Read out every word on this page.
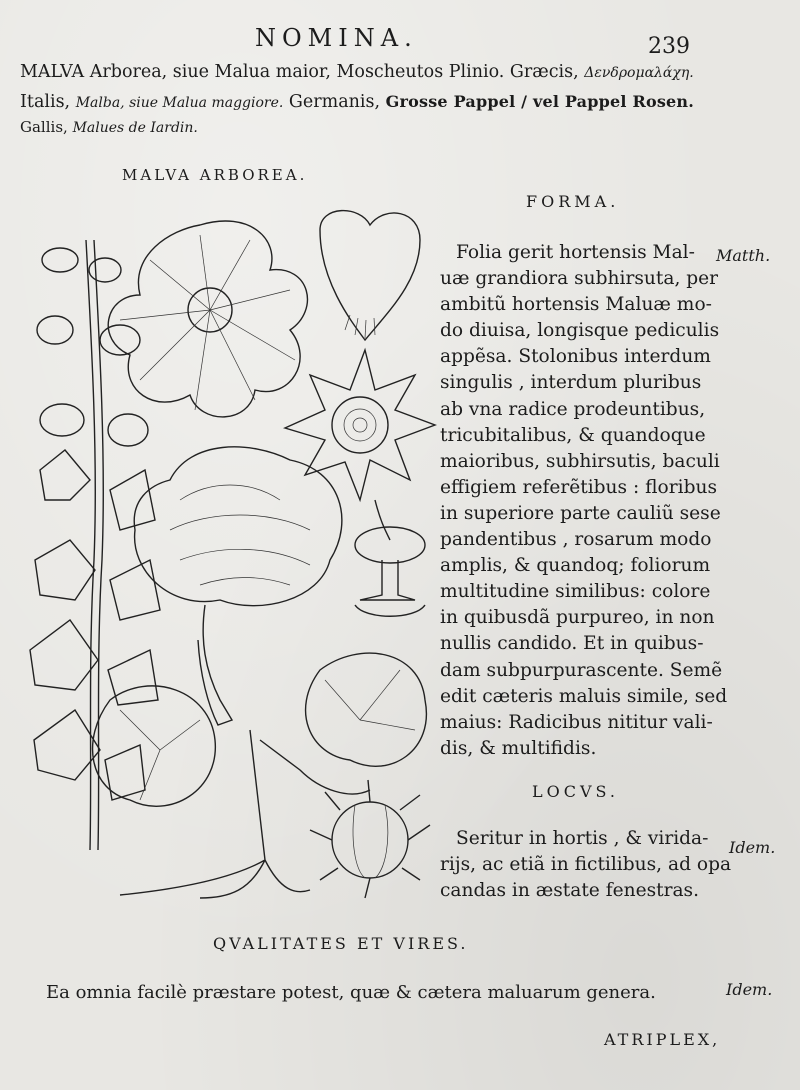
NOMINA.	239
MALVA Arborea, siue Malua maior, Moscheutos Plinio. Græcis, Δενδρομαλάχη.
Italis, Malba, siue Malua maggiore. Germanis, Grosse Pappel / vel Pappel Rosen.
Gallis, Malues de Iardin.
MALVA ARBOREA.
FORMA.
Matth.
Folia gerit hortensis Mal-
uæ grandiora subhirsuta, per
ambitũ hortensis Maluæ mo-
do diuisa, longisque pediculis
appẽsa. Stolonibus interdum
singulis , interdum pluribus
ab vna radice prodeuntibus,
tricubitalibus, & quandoque
maioribus, subhirsutis, baculi
effigiem referẽtibus : floribus
in superiore parte cauliũ sese
pandentibus , rosarum modo
amplis, & quandoq; foliorum
multitudine similibus: colore
in quibusdã purpureo, in non
nullis candido. Et in quibus-
dam subpurpurascente. Semẽ
edit cæteris maluis simile, sed
maius: Radicibus nititur vali-
dis, & multifidis.
LOCVS.
Idem.
Seritur in hortis , & virida-
rijs, ac etiã in fictilibus, ad opa
candas in æstate fenestras.
QVALITATES ET VIRES.
Ea omnia facilè præstare potest, quæ & cætera maluarum genera.	Idem.
ATRIPLEX,
